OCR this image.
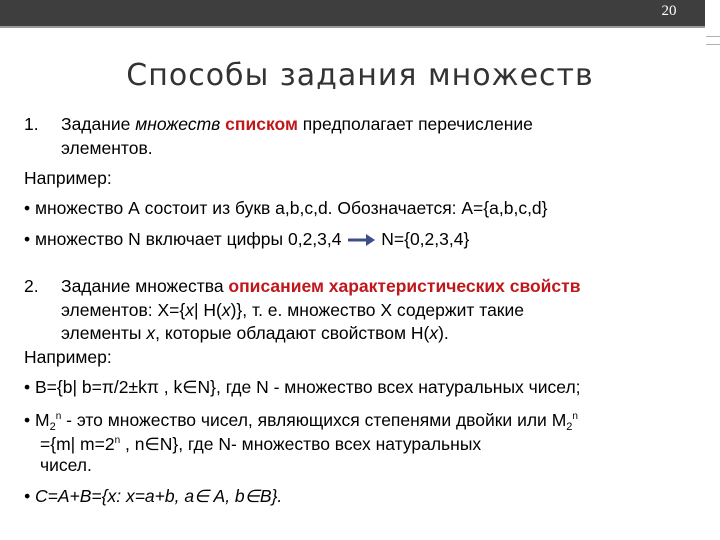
20
Способы задания множеств
1. Задание множеств списком предполагает перечисление
элементов.
Например:
• множество А состоит из букв a,b,c,d. Обозначается: A={a,b,c,d}
• множество N включает цифры 0,2,3,4 N={0,2,3,4}
2. Задание множества описанием характеристических свойств
элементов: X={x| H(x)}, т. е. множество X содержит такие
элементы x, которые обладают свойством H(x).
Например:
• B={b| b=π/2±kπ , k∈N}, где N - множество всех натуральных чисел;
• $M_2^n$ - это множество чисел, являющихся степенями двойки или $M_2^n$
={m| $m=2^n$ , n∈N}, где N- множество всех натуральных
чисел.
• C=A+B={x: x=a+b, a∈ A, b∈B}.
